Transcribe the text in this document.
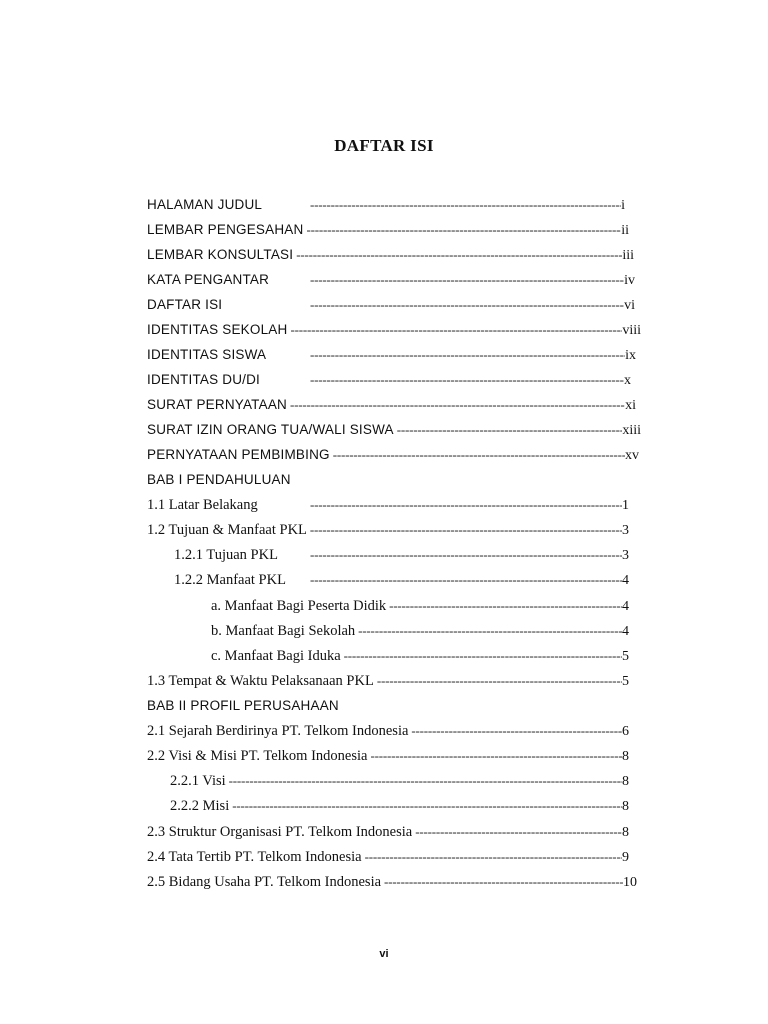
DAFTAR ISI
HALAMAN JUDUL -----	i
LEMBAR PENGESAHAN -----	ii
LEMBAR KONSULTASI -----	iii
KATA PENGANTAR -----	iv
DAFTAR ISI -----	vi
IDENTITAS SEKOLAH -----	viii
IDENTITAS SISWA -----	ix
IDENTITAS DU/DI -----	x
SURAT PERNYATAAN -----	xi
SURAT IZIN ORANG TUA/WALI SISWA -----	xiii
PERNYATAAN PEMBIMBING -----	xv
BAB I PENDAHULUAN
1.1 Latar Belakang -----	1
1.2 Tujuan & Manfaat PKL -----	3
1.2.1 Tujuan PKL -----	3
1.2.2 Manfaat PKL -----	4
a. Manfaat Bagi Peserta Didik -----	4
b. Manfaat Bagi Sekolah -----	4
c. Manfaat Bagi Iduka -----	5
1.3 Tempat & Waktu Pelaksanaan PKL -----	5
BAB II PROFIL PERUSAHAAN
2.1 Sejarah Berdirinya PT. Telkom Indonesia -----	6
2.2 Visi & Misi PT. Telkom Indonesia -----	8
2.2.1 Visi -----	8
2.2.2 Misi -----	8
2.3 Struktur Organisasi PT. Telkom Indonesia -----	8
2.4 Tata Tertib PT. Telkom Indonesia -----	9
2.5 Bidang Usaha PT. Telkom Indonesia -----	10
vi
